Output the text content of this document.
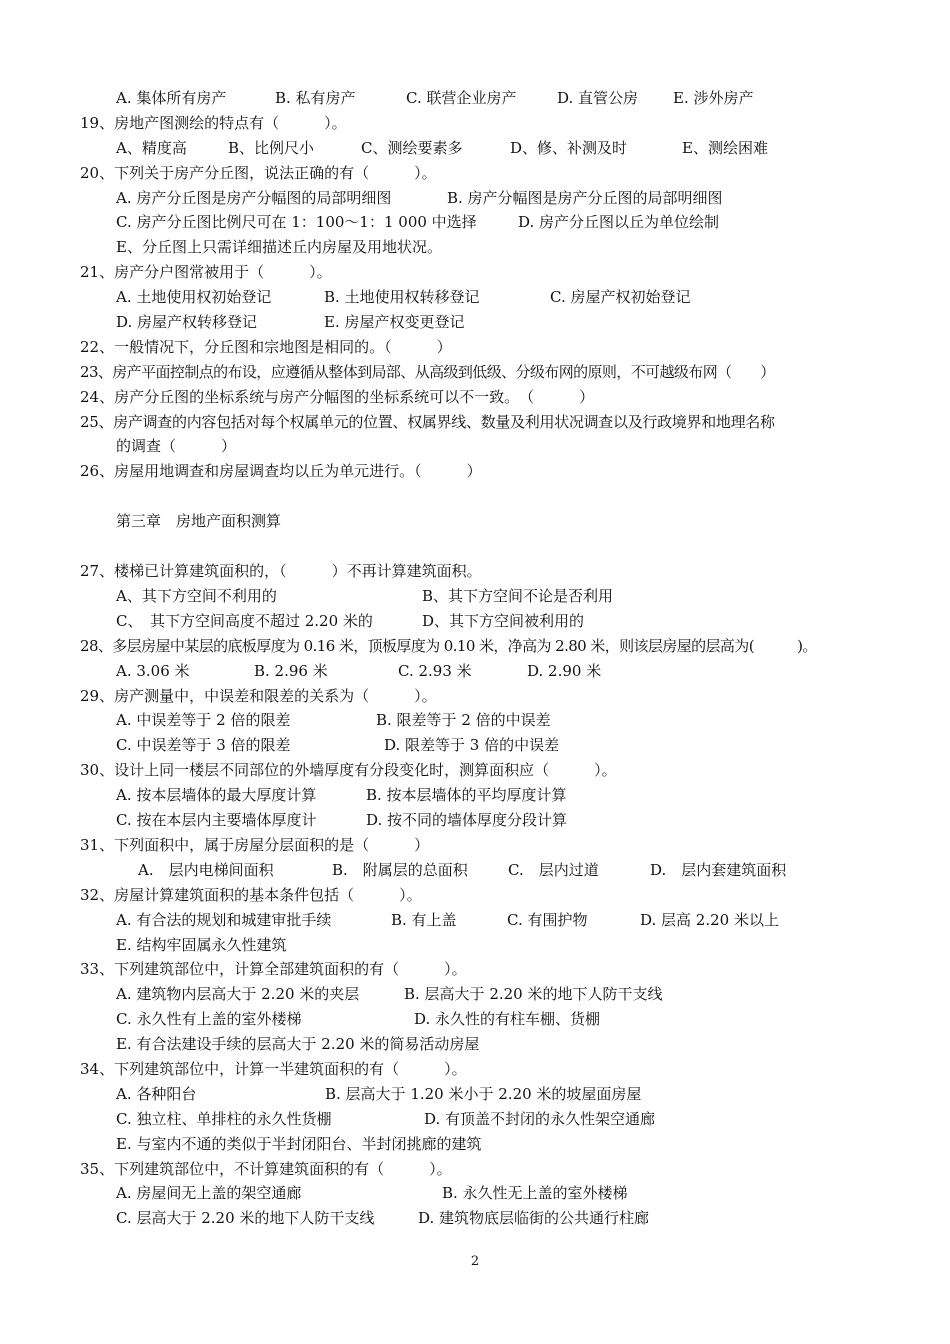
A. 集体所有房产	B. 私有房产	C. 联营企业房产	D. 直管公房 E. 涉外房产
19、房地产图测绘的特点有（　　　）。
A、精度高	B、比例尺小	C、测绘要素多	D、修、补测及时	E、测绘困难
20、下列关于房产分丘图，说法正确的有（　　　）。
A. 房产分丘图是房产分幅图的局部明细图	B. 房产分幅图是房产分丘图的局部明细图
C. 房产分丘图比例尺可在 1：100～1：1 000 中选择	D. 房产分丘图以丘为单位绘制
E、分丘图上只需详细描述丘内房屋及用地状况。
21、房产分户图常被用于（　　　）。
A. 土地使用权初始登记	B. 土地使用权转移登记	C. 房屋产权初始登记
D. 房屋产权转移登记	E. 房屋产权变更登记
22、一般情况下，分丘图和宗地图是相同的。（　　　）
23、房产平面控制点的布设，应遵循从整体到局部、从高级到低级、分级布网的原则，不可越级布网（　　）
24、房产分丘图的坐标系统与房产分幅图的坐标系统可以不一致。　（　　　）
25、房产调查的内容包括对每个权属单元的位置、权属界线、数量及利用状况调查以及行政境界和地理名称
的调查（　　　）
26、房屋用地调查和房屋调查均以丘为单元进行。（　　　）
第三章　房地产面积测算
27、楼梯已计算建筑面积的，（　　　）不再计算建筑面积。
A、其下方空间不利用的	B、其下方空间不论是否利用
C、　其下方空间高度不超过 2.20 米的	D、其下方空间被利用的
28、多层房屋中某层的底板厚度为 0.16 米，顶板厚度为 0.10 米，净高为 2.80 米，则该层房屋的层高为(　　　)。
A. 3.06 米	B. 2.96 米	C. 2.93 米	D. 2.90 米
29、房产测量中，中误差和限差的关系为（　　　）。
A. 中误差等于 2 倍的限差	B. 限差等于 2 倍的中误差
C. 中误差等于 3 倍的限差	D. 限差等于 3 倍的中误差
30、设计上同一楼层不同部位的外墙厚度有分段变化时，测算面积应（　　　）。
A. 按本层墙体的最大厚度计算	B. 按本层墙体的平均厚度计算
C. 按在本层内主要墙体厚度计	D. 按不同的墙体厚度分段计算
31、下列面积中，属于房屋分层面积的是（　　　）
A.　层内电梯间面积	B.　附属层的总面积	C.　层内过道	D.　层内套建筑面积
32、房屋计算建筑面积的基本条件包括（　　　）。
A. 有合法的规划和城建审批手续	B. 有上盖	C. 有围护物	D. 层高 2.20 米以上
E. 结构牢固属永久性建筑
33、下列建筑部位中，计算全部建筑面积的有（　　　）。
A. 建筑物内层高大于 2.20 米的夹层	B. 层高大于 2.20 米的地下人防干支线
C. 永久性有上盖的室外楼梯	D. 永久性的有柱车棚、货棚
E. 有合法建设手续的层高大于 2.20 米的简易活动房屋
34、下列建筑部位中，计算一半建筑面积的有（　　　）。
A. 各种阳台	B. 层高大于 1.20 米小于 2.20 米的坡屋面房屋
C. 独立柱、单排柱的永久性货棚	D. 有顶盖不封闭的永久性架空通廊
E. 与室内不通的类似于半封闭阳台、半封闭挑廊的建筑
35、下列建筑部位中，不计算建筑面积的有（　　　）。
A. 房屋间无上盖的架空通廊	B. 永久性无上盖的室外楼梯
C. 层高大于 2.20 米的地下人防干支线	D. 建筑物底层临街的公共通行柱廊
2
